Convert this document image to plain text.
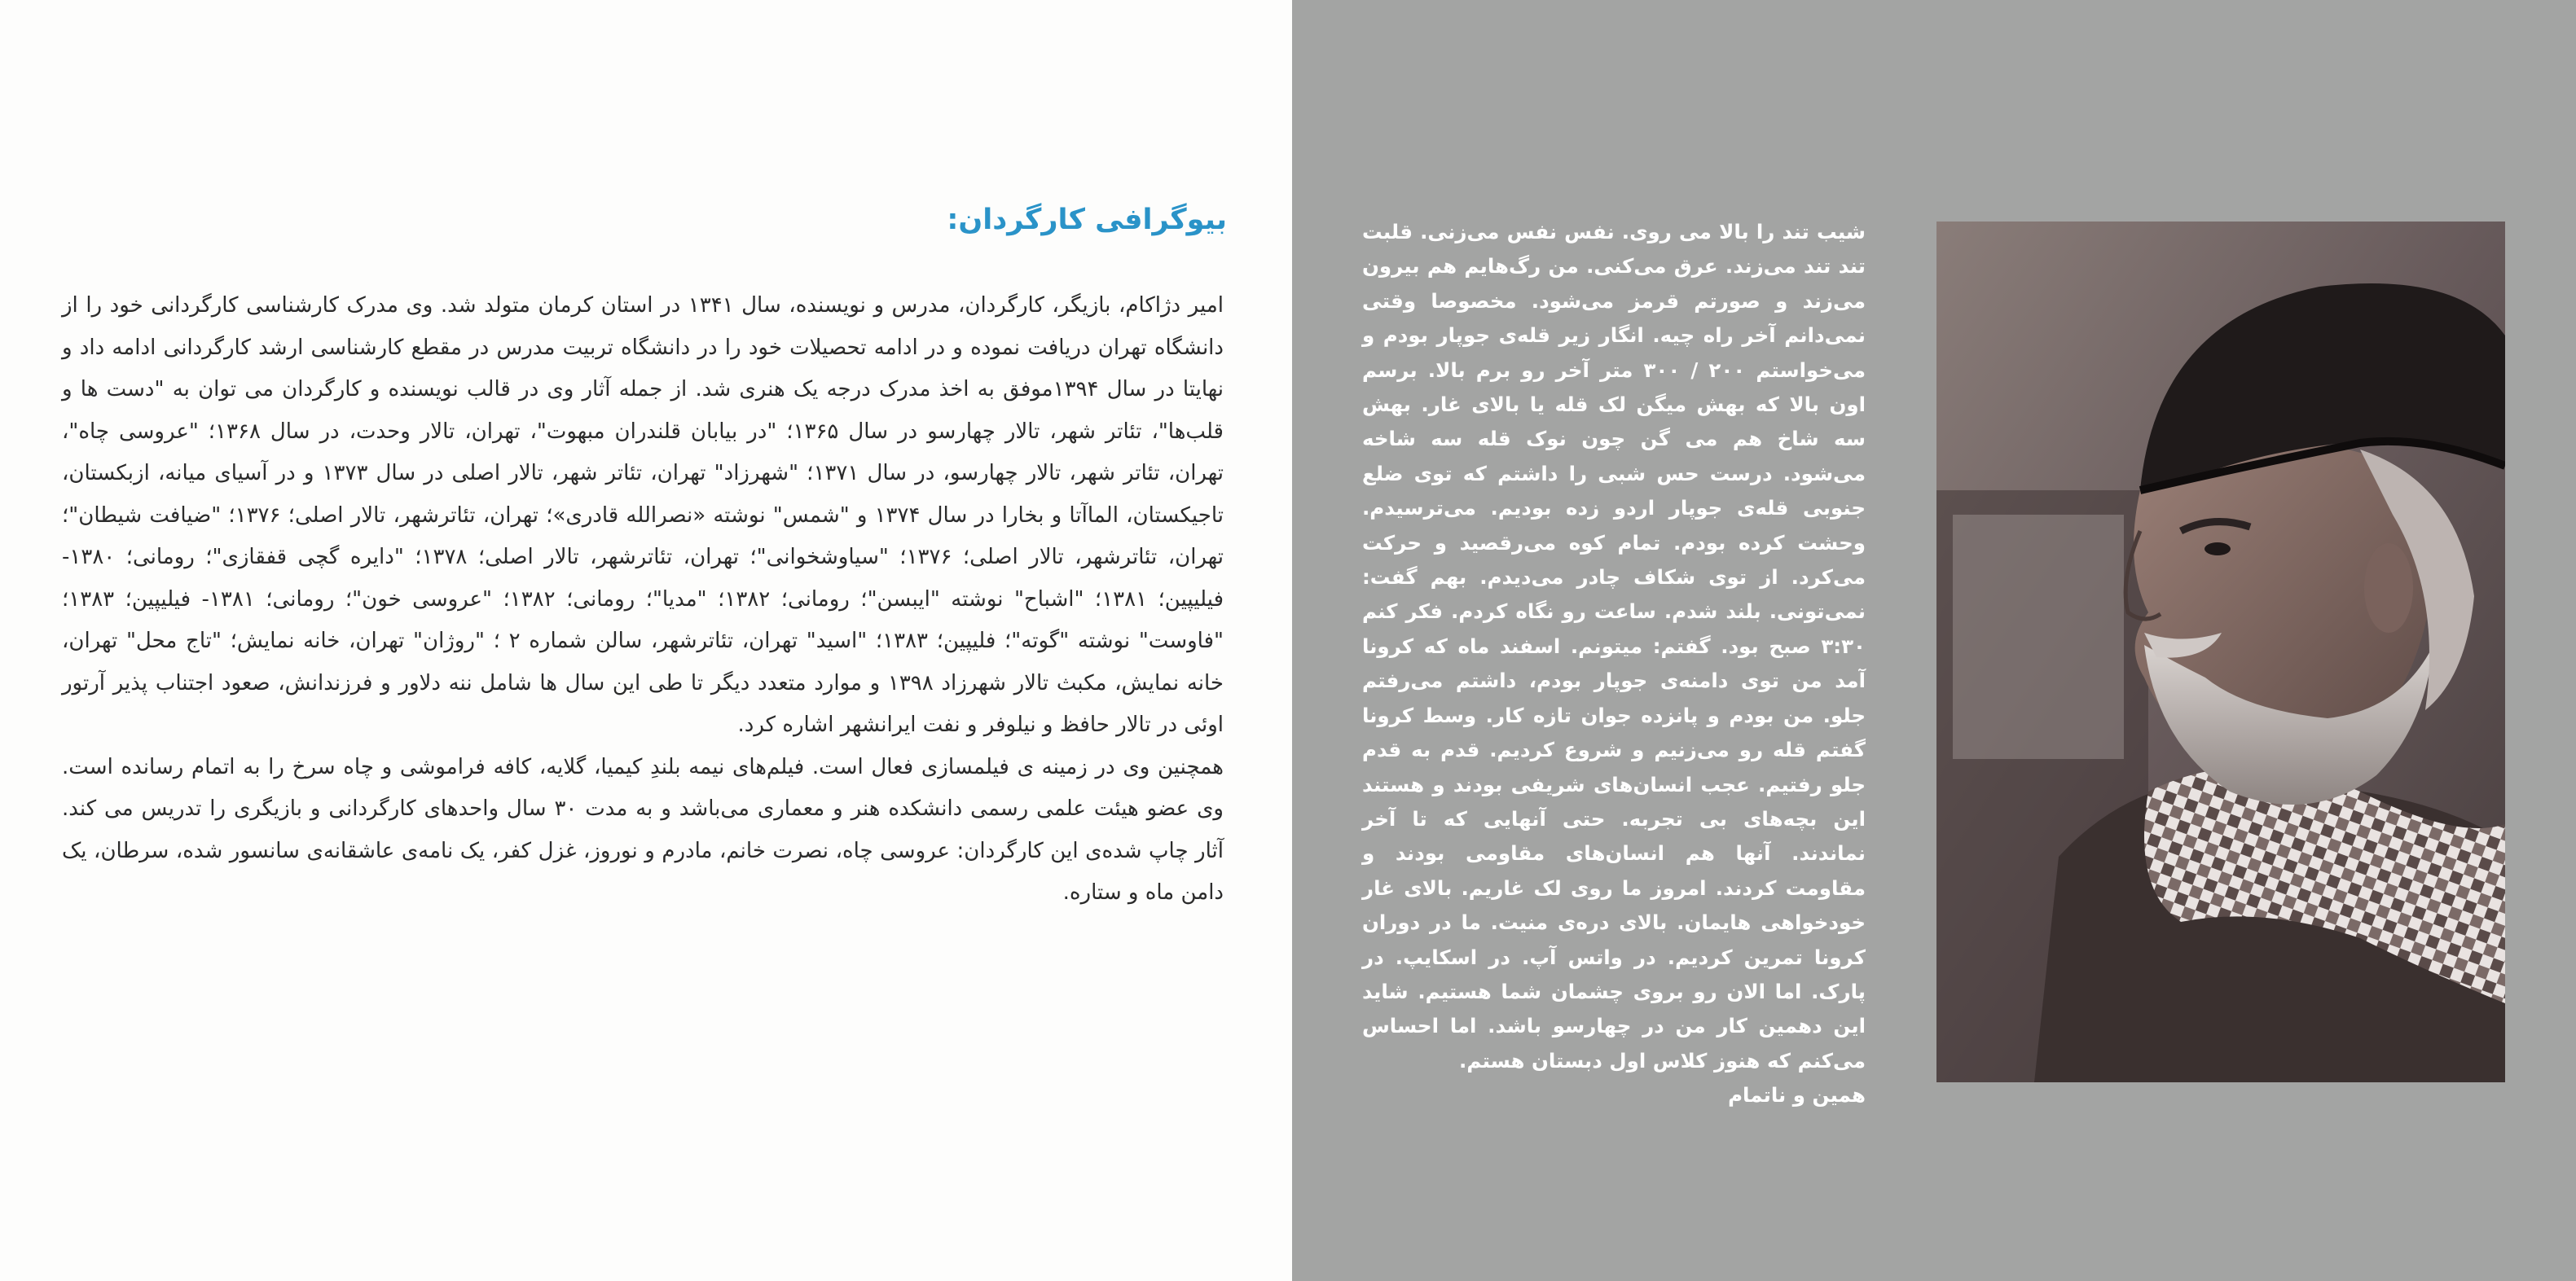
بیوگرافی کارگردان:

امیر دژاکام، بازیگر، کارگردان، مدرس و نویسنده، سال ۱۳۴۱ در استان کرمان متولد شد. وی مدرک کارشناسی کارگردانی خود را از دانشگاه تهران دریافت نموده و در ادامه تحصیلات خود را در دانشگاه تربیت مدرس در مقطع کارشناسی ارشد کارگردانی ادامه داد و نهایتا در سال ۱۳۹۴موفق به اخذ مدرک درجه یک هنری شد. از جمله آثار وی در قالب نویسنده و کارگردان می توان به "دست ها و قلب‌ها"، تئاتر شهر، تالار چهارسو در سال ۱۳۶۵؛ "در بیابان قلندران مبهوت"، تهران، تالار وحدت، در سال ۱۳۶۸؛ "عروسی چاه"، تهران، تئاتر شهر، تالار چهارسو، در سال ۱۳۷۱؛ "شهرزاد" تهران، تئاتر شهر، تالار اصلی در سال ۱۳۷۳ و در آسیای میانه، ازبکستان، تاجیکستان، الماآتا و بخارا در سال ۱۳۷۴ و "شمس" نوشته «نصرالله قادری»؛ تهران، تئاترشهر، تالار اصلی؛ ۱۳۷۶؛ "ضیافت شیطان"؛ تهران، تئاترشهر، تالار اصلی؛ ۱۳۷۶؛ "سیاوشخوانی"؛ تهران، تئاترشهر، تالار اصلی؛ ۱۳۷۸؛ "دایره گچی قفقازی"؛ رومانی؛ ۱۳۸۰-فیلیپین؛ ۱۳۸۱؛ "اشباح" نوشته "ایبسن"؛ رومانی؛ ۱۳۸۲؛ "مدیا"؛ رومانی؛ ۱۳۸۲؛ "عروسی خون"؛ رومانی؛ ۱۳۸۱- فیلیپین؛ ۱۳۸۳؛ "فاوست" نوشته "گوته"؛ فلیپین؛ ۱۳۸۳؛ "اسید" تهران، تئاترشهر، سالن شماره ۲ ؛ "روژان" تهران، خانه نمایش؛ "تاج محل" تهران، خانه نمایش، مکبث تالار شهرزاد ۱۳۹۸ و موارد متعدد دیگر تا طی این سال ها شامل ننه دلاور و فرزندانش، صعود اجتناب پذیر آرتور اوئی در تالار حافظ و نیلوفر و نفت ایرانشهر اشاره کرد.

همچنین وی در زمینه ی فیلمسازی فعال است. فیلم‌های نیمه بلندِ کیمیا، گلایه، کافه فراموشی و چاه سرخ را به اتمام رسانده است. وی عضو هیئت علمی رسمی دانشکده هنر و معماری می‌باشد و به مدت ۳۰ سال واحدهای کارگردانی و بازیگری را تدریس می کند. آثار چاپ شده‌ی این کارگردان: عروسی چاه، نصرت خانم، مادرم و نوروز، غزل کفر، یک نامه‌ی عاشقانه‌ی سانسور شده، سرطان، یک دامن ماه و ستاره.

شیب تند را بالا می روی. نفس نفس می‌زنی. قلبت تند تند می‌زند. عرق می‌کنی. من رگ‌هایم هم بیرون می‌زند و صورتم قرمز می‌شود. مخصوصا وقتی نمی‌دانم آخر راه چیه. انگار زیر قله‌ی جوپار بودم و می‌خواستم ۲۰۰ / ۳۰۰ متر آخر رو برم بالا. برسم اون بالا که بهش میگن لک قله یا بالای غار. بهش سه شاخ هم می گن چون نوک قله سه شاخه می‌شود. درست حس شبی را داشتم که توی ضلع جنوبی قله‌ی جوپار اردو زده بودیم. می‌ترسیدم. وحشت کرده بودم. تمام کوه می‌رقصید و حرکت می‌کرد. از توی شکاف چادر می‌دیدم. بهم گفت: نمی‌تونی. بلند شدم. ساعت رو نگاه کردم. فکر کنم ۳:۳۰ صبح بود. گفتم: میتونم. اسفند ماه که کرونا آمد من توی دامنه‌ی جوپار بودم، داشتم می‌رفتم جلو. من بودم و پانزده جوان تازه کار. وسط کرونا گفتم قله رو می‌زنیم و شروع کردیم. قدم به قدم جلو رفتیم. عجب انسان‌های شریفی بودند و هستند این بچه‌های بی تجربه. حتی آنهایی که تا آخر نماندند. آنها هم انسان‌های مقاومی بودند و مقاومت کردند. امروز ما روی لک غاریم. بالای غار خودخواهی هایمان. بالای دره‌ی منیت. ما در دوران کرونا تمرین کردیم. در واتس آپ. در اسکایپ. در پارک. اما الان رو بروی چشمان شما هستیم. شاید این دهمین کار من در چهارسو باشد. اما احساس می‌کنم که هنوز کلاس اول دبستان هستم.

همین و ناتمام
